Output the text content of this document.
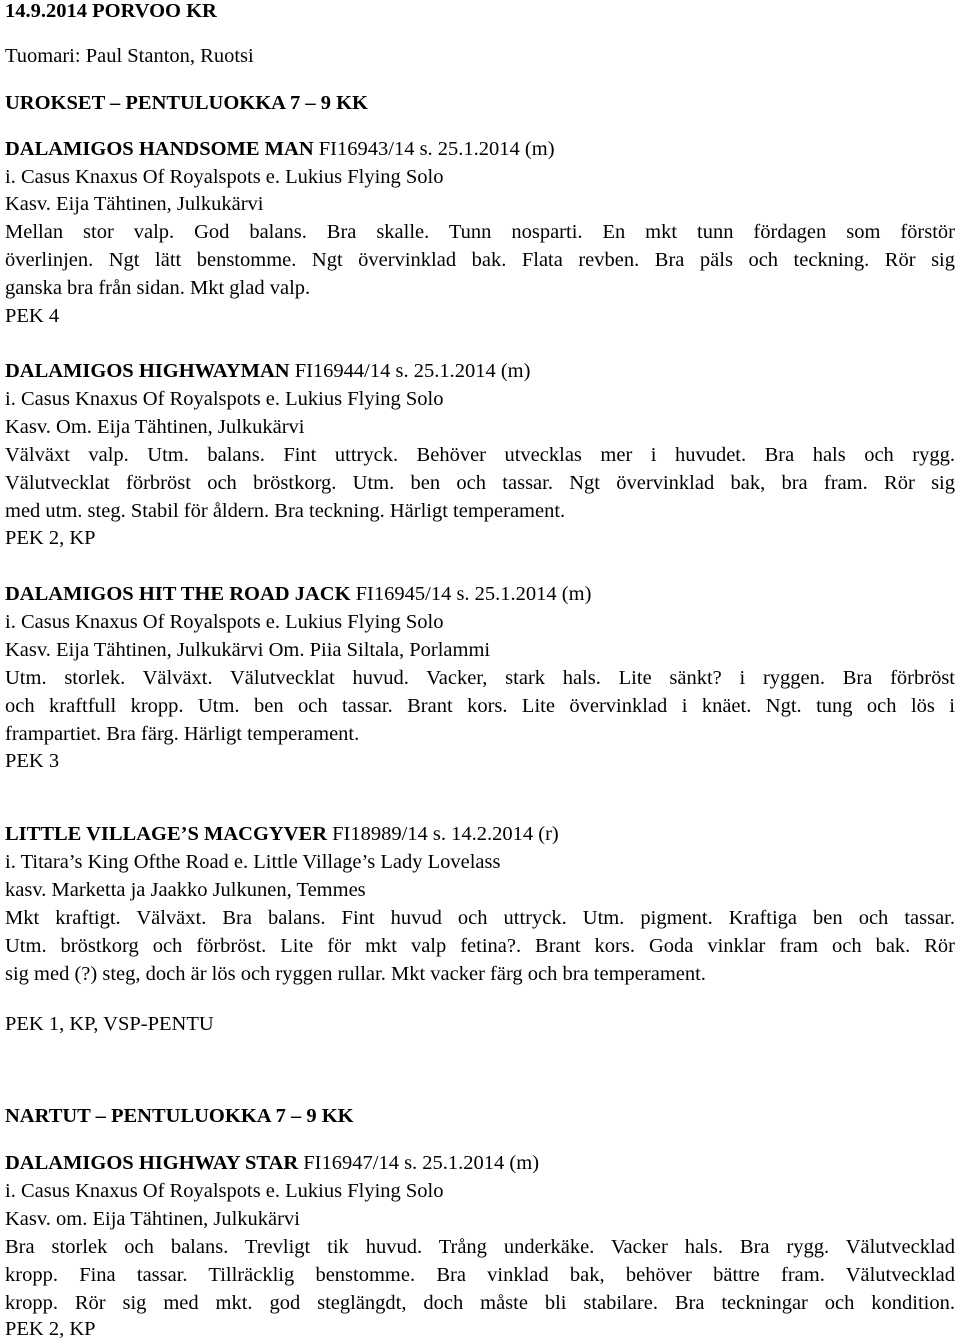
14.9.2014 PORVOO KR
Tuomari: Paul Stanton, Ruotsi
UROKSET – PENTULUOKKA 7 – 9 KK
DALAMIGOS HANDSOME MAN FI16943/14 s. 25.1.2014 (m)
i. Casus Knaxus Of Royalspots e. Lukius Flying Solo
Kasv. Eija Tähtinen, Julkukärvi
Mellan stor valp. God balans. Bra skalle. Tunn nosparti. En mkt tunn fördagen som förstör
överlinjen. Ngt lätt benstomme. Ngt övervinklad bak. Flata revben. Bra päls och teckning. Rör sig
ganska bra från sidan. Mkt glad valp.
PEK 4
DALAMIGOS HIGHWAYMAN FI16944/14 s. 25.1.2014 (m)
i. Casus Knaxus Of Royalspots e. Lukius Flying Solo
Kasv. Om. Eija Tähtinen, Julkukärvi
Välväxt valp. Utm. balans. Fint uttryck. Behöver utvecklas mer i huvudet. Bra hals och rygg.
Välutvecklat förbröst och bröstkorg. Utm. ben och tassar. Ngt övervinklad bak, bra fram. Rör sig
med utm. steg. Stabil för åldern. Bra teckning. Härligt temperament.
PEK 2, KP
DALAMIGOS HIT THE ROAD JACK FI16945/14 s. 25.1.2014 (m)
i. Casus Knaxus Of Royalspots e. Lukius Flying Solo
Kasv. Eija Tähtinen, Julkukärvi Om. Piia Siltala, Porlammi
Utm. storlek. Välväxt. Välutvecklat huvud. Vacker, stark hals. Lite sänkt? i ryggen. Bra förbröst
och kraftfull kropp. Utm. ben och tassar. Brant kors. Lite övervinklad i knäet. Ngt. tung och lös i
frampartiet. Bra färg. Härligt temperament.
PEK 3
LITTLE VILLAGE’S MACGYVER FI18989/14 s. 14.2.2014 (r)
i. Titara’s King Ofthe Road e. Little Village’s Lady Lovelass
kasv. Marketta ja Jaakko Julkunen, Temmes
Mkt kraftigt. Välväxt. Bra balans. Fint huvud och uttryck. Utm. pigment. Kraftiga ben och tassar.
Utm. bröstkorg och förbröst. Lite för mkt valp fetina?. Brant kors. Goda vinklar fram och bak. Rör
sig med (?) steg, doch är lös och ryggen rullar. Mkt vacker färg och bra temperament.
PEK 1, KP, VSP-PENTU
NARTUT – PENTULUOKKA 7 – 9 KK
DALAMIGOS HIGHWAY STAR FI16947/14 s. 25.1.2014 (m)
i. Casus Knaxus Of Royalspots e. Lukius Flying Solo
Kasv. om. Eija Tähtinen, Julkukärvi
Bra storlek och balans. Trevligt tik huvud. Trång underkäke. Vacker hals. Bra rygg. Välutvecklad
kropp. Fina tassar. Tillräcklig benstomme. Bra vinklad bak, behöver bättre fram. Välutvecklad
kropp. Rör sig med mkt. god steglängdt, doch måste bli stabilare. Bra teckningar och kondition.
PEK 2, KP
